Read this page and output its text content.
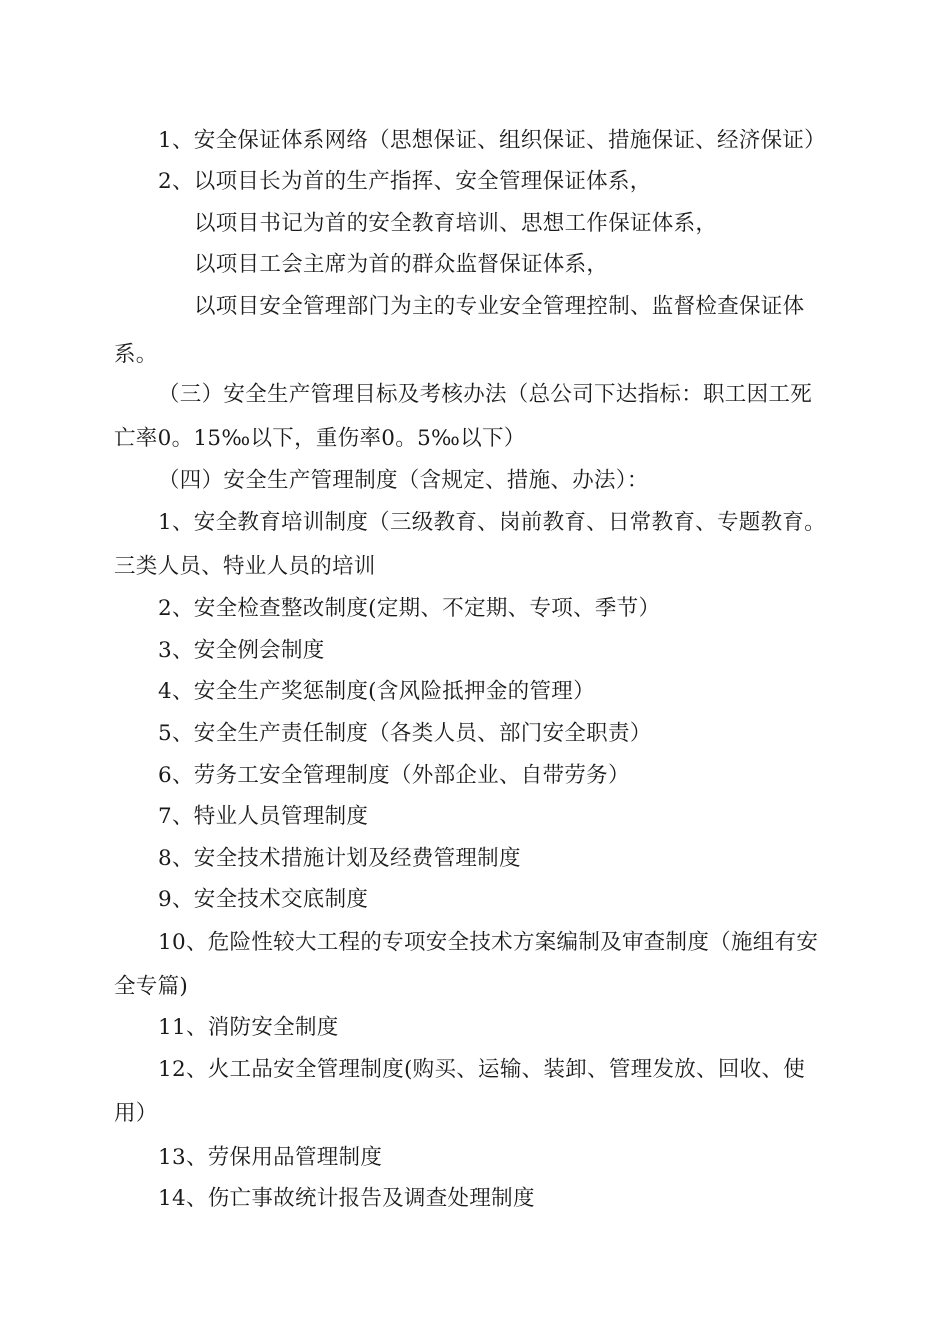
1、安全保证体系网络（思想保证、组织保证、措施保证、经济保证）
2、以项目长为首的生产指挥、安全管理保证体系，
以项目书记为首的安全教育培训、思想工作保证体系，
以项目工会主席为首的群众监督保证体系，
以项目安全管理部门为主的专业安全管理控制、监督检查保证体
系。
（三）安全生产管理目标及考核办法（总公司下达指标：职工因工死
亡率0。15‰以下，重伤率0。5‰以下）
（四）安全生产管理制度（含规定、措施、办法）：
1、安全教育培训制度（三级教育、岗前教育、日常教育、专题教育。
三类人员、特业人员的培训
2、安全检查整改制度(定期、不定期、专项、季节）
3、安全例会制度
4、安全生产奖惩制度(含风险抵押金的管理）
5、安全生产责任制度（各类人员、部门安全职责）
6、劳务工安全管理制度（外部企业、自带劳务）
7、特业人员管理制度
8、安全技术措施计划及经费管理制度
9、安全技术交底制度
10、危险性较大工程的专项安全技术方案编制及审查制度（施组有安
全专篇)
11、消防安全制度
12、火工品安全管理制度(购买、运输、装卸、管理发放、回收、使
用）
13、劳保用品管理制度
14、伤亡事故统计报告及调查处理制度
